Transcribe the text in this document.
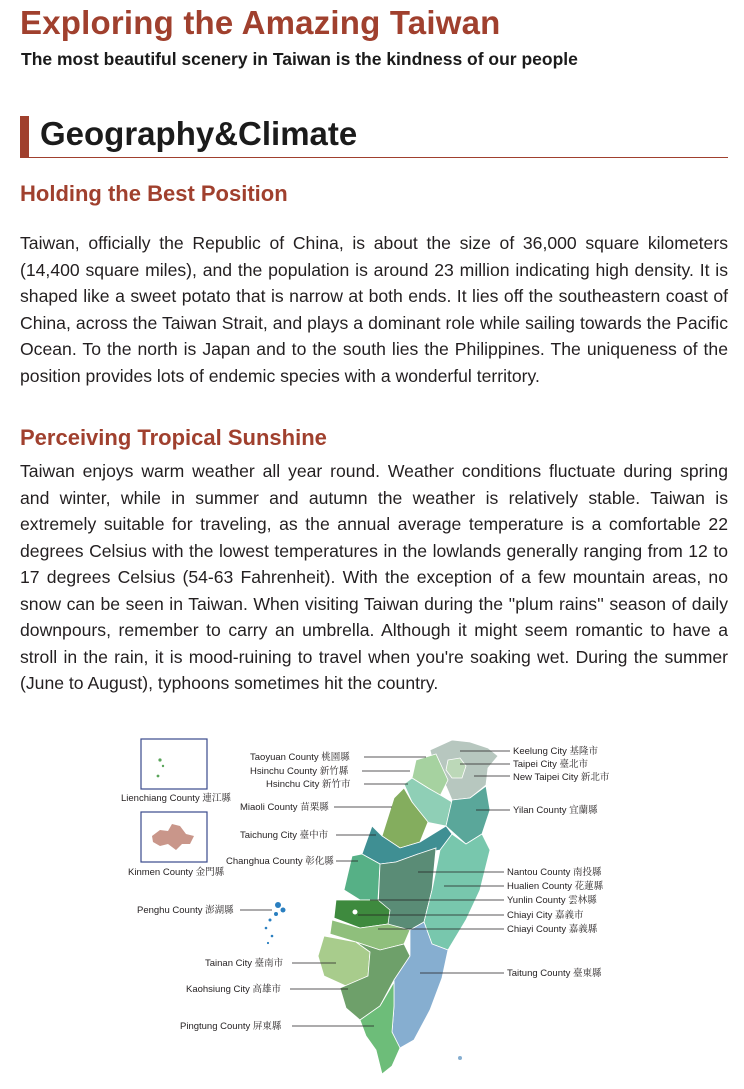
Exploring the Amazing Taiwan

The most beautiful scenery in Taiwan is the kindness of our people

Geography&Climate
Holding the Best Position

Taiwan, officially the Republic of China, is about the size of 36,000 square kilometers (14,400 square miles), and the population is around 23 million indicating high density. It is shaped like a sweet potato that is narrow at both ends. It lies off the southeastern coast of China, across the Taiwan Strait, and plays a dominant role while sailing towards the Pacific Ocean. To the north is Japan and to the south lies the Philippines. The uniqueness of the position provides lots of endemic species with a wonderful territory.

Perceiving Tropical Sunshine

Taiwan enjoys warm weather all year round. Weather conditions fluctuate during spring and winter, while in summer and autumn the weather is relatively stable. Taiwan is extremely suitable for traveling, as the annual average temperature is a comfortable 22 degrees Celsius with the lowest temperatures in the lowlands generally ranging from 12 to 17 degrees Celsius (54-63 Fahrenheit). With the exception of a few mountain areas, no snow can be seen in Taiwan. When visiting Taiwan during the ''plum rains'' season of daily downpours, remember to carry an umbrella. Although it might seem romantic to have a stroll in the rain, it is mood-ruining to travel when you're soaking wet. During the summer (June to August), typhoons sometimes hit the country.

Lienchiang County 連江縣
Kinmen County 金門縣
Taoyuan County 桃園縣
Hsinchu County 新竹縣
Hsinchu City 新竹市
Miaoli County 苗栗縣
Taichung City 臺中市
Changhua County 彰化縣
Penghu County 澎湖縣
Tainan City 臺南市
Kaohsiung City 高雄市
Pingtung County 屏東縣
Keelung City 基隆市
Taipei City 臺北市
New Taipei City 新北市
Yilan County 宜蘭縣
Nantou County 南投縣
Hualien County 花蓮縣
Yunlin County 雲林縣
Chiayi City 嘉義市
Chiayi County 嘉義縣
Taitung County 臺東縣
